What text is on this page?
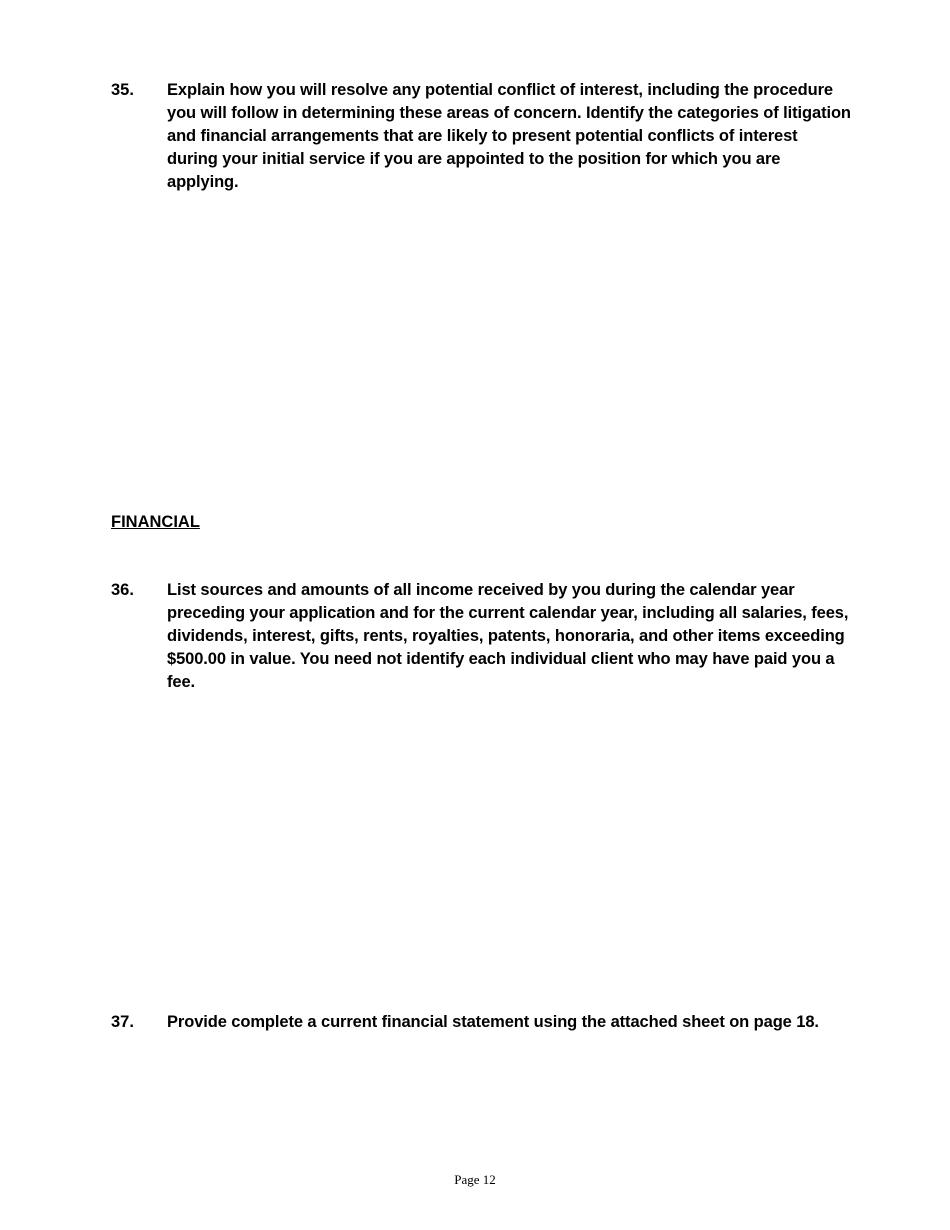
35.	Explain how you will resolve any potential conflict of interest, including the procedure you will follow in determining these areas of concern. Identify the categories of litigation and financial arrangements that are likely to present potential conflicts of interest during your initial service if you are appointed to the position for which you are applying.
FINANCIAL
36.	List sources and amounts of all income received by you during the calendar year preceding your application and for the current calendar year, including all salaries, fees, dividends, interest, gifts, rents, royalties, patents, honoraria, and other items exceeding $500.00 in value. You need not identify each individual client who may have paid you a fee.
37.	Provide complete a current financial statement using the attached sheet on page 18.
Page 12
